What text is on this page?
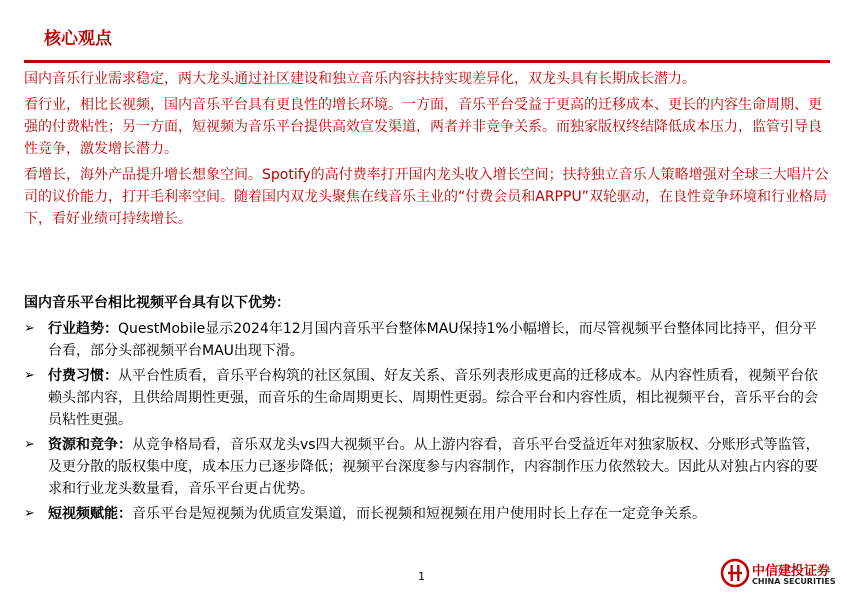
核心观点

国内音乐行业需求稳定，两大龙头通过社区建设和独立音乐内容扶持实现差异化，双龙头具有长期成长潜力。

看行业，相比长视频，国内音乐平台具有更良性的增长环境。一方面，音乐平台受益于更高的迁移成本、更长的内容生命周期、更强的付费粘性；另一方面，短视频为音乐平台提供高效宣发渠道，两者并非竞争关系。而独家版权终结降低成本压力，监管引导良性竞争，激发增长潜力。

看增长，海外产品提升增长想象空间。Spotify的高付费率打开国内龙头收入增长空间；扶持独立音乐人策略增强对全球三大唱片公司的议价能力，打开毛利率空间。随着国内双龙头聚焦在线音乐主业的“付费会员和ARPPU”双轮驱动，在良性竞争环境和行业格局下，看好业绩可持续增长。

国内音乐平台相比视频平台具有以下优势：
➢ 行业趋势：QuestMobile显示2024年12月国内音乐平台整体MAU保持1%小幅增长，而尽管视频平台整体同比持平，但分平台看，部分头部视频平台MAU出现下滑。
➢ 付费习惯：从平台性质看，音乐平台构筑的社区氛围、好友关系、音乐列表形成更高的迁移成本。从内容性质看，视频平台依赖头部内容，且供给周期性更强，而音乐的生命周期更长、周期性更弱。综合平台和内容性质，相比视频平台，音乐平台的会员粘性更强。
➢ 资源和竞争：从竞争格局看，音乐双龙头vs四大视频平台。从上游内容看，音乐平台受益近年对独家版权、分账形式等监管，及更分散的版权集中度，成本压力已逐步降低；视频平台深度参与内容制作，内容制作压力依然较大。因此从对独占内容的要求和行业龙头数量看，音乐平台更占优势。
➢ 短视频赋能：音乐平台是短视频为优质宣发渠道，而长视频和短视频在用户使用时长上存在一定竞争关系。
1	中信建投证券
CHINA SECURITIES
